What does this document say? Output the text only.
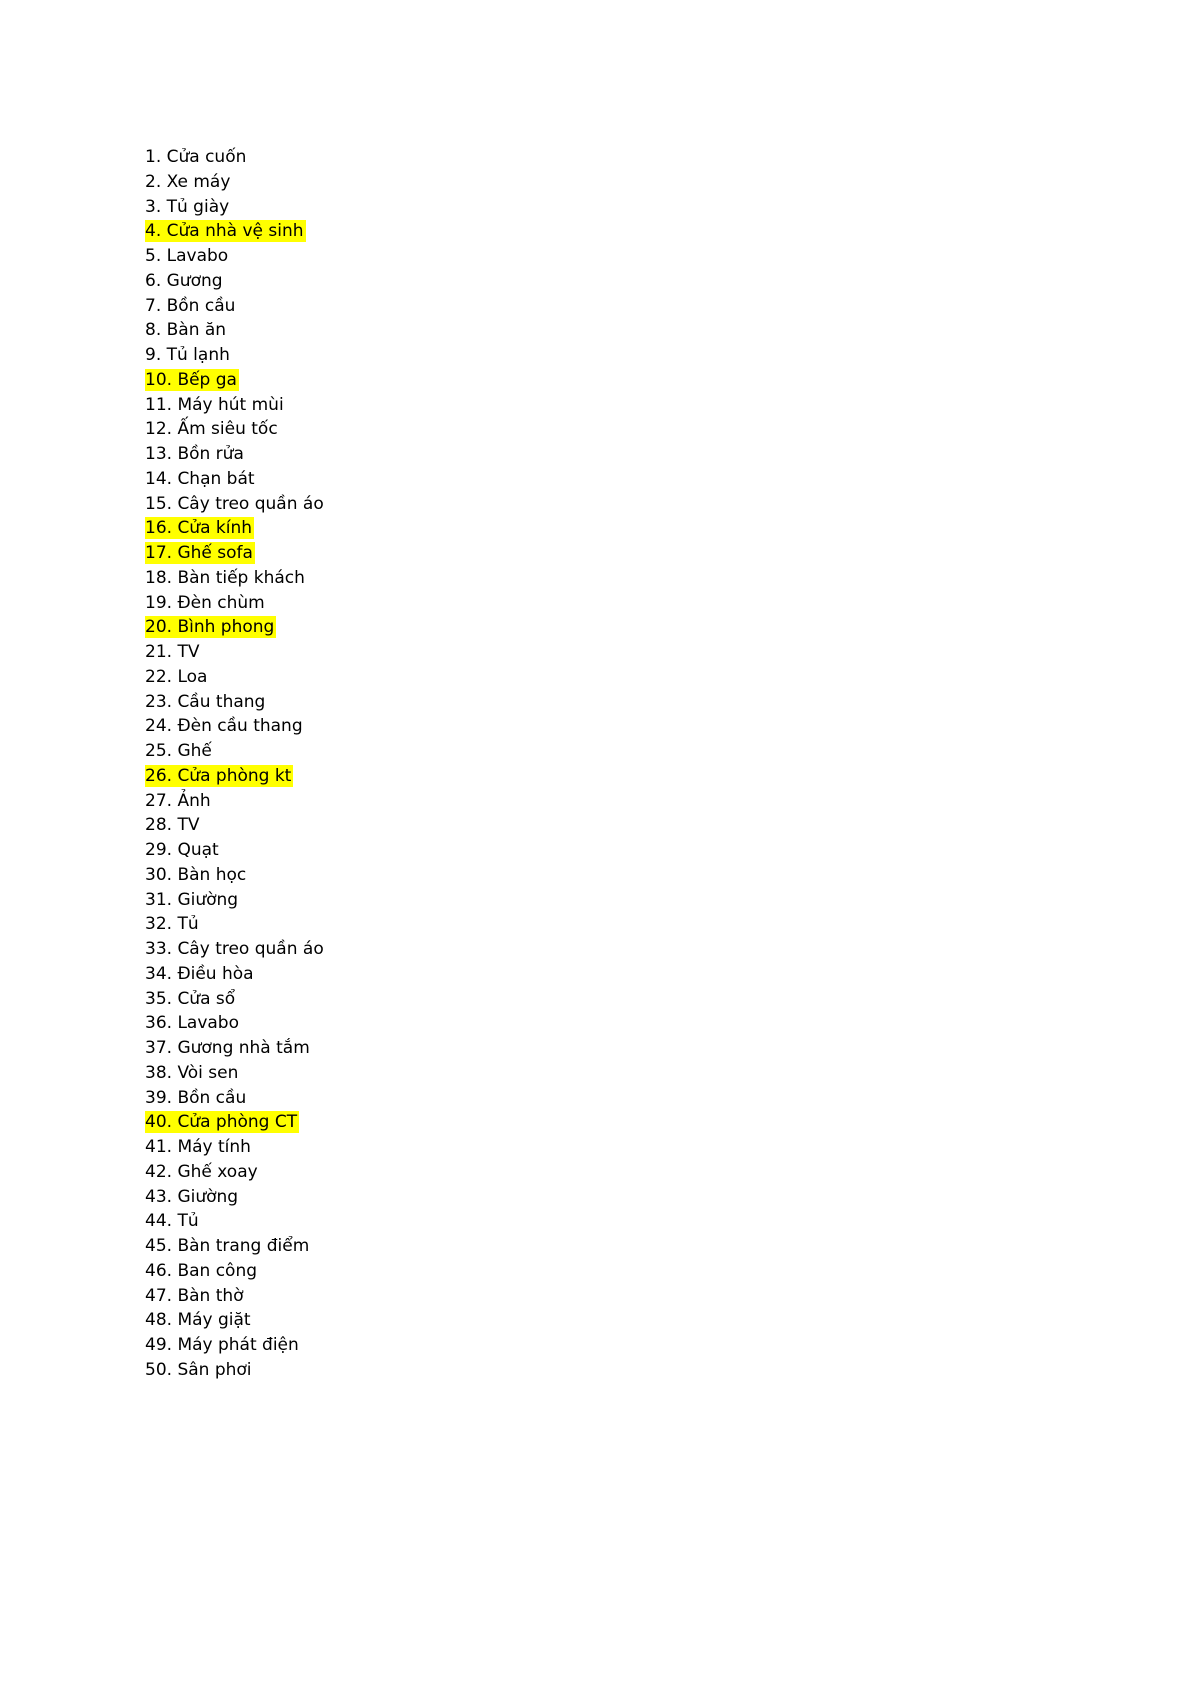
1. Cửa cuốn
2. Xe máy
3. Tủ giày
4. Cửa nhà vệ sinh
5. Lavabo
6. Gương
7. Bồn cầu
8. Bàn ăn
9. Tủ lạnh
10. Bếp ga
11. Máy hút mùi
12. Ấm siêu tốc
13. Bồn rửa
14. Chạn bát
15. Cây treo quần áo
16. Cửa kính
17. Ghế sofa
18. Bàn tiếp khách
19. Đèn chùm
20. Bình phong
21. TV
22. Loa
23. Cầu thang
24. Đèn cầu thang
25. Ghế
26. Cửa phòng kt
27. Ảnh
28. TV
29. Quạt
30. Bàn học
31. Giường
32. Tủ
33. Cây treo quần áo
34. Điều hòa
35. Cửa sổ
36. Lavabo
37. Gương nhà tắm
38. Vòi sen
39. Bồn cầu
40. Cửa phòng CT
41. Máy tính
42. Ghế xoay
43. Giường
44. Tủ
45. Bàn trang điểm
46. Ban công
47. Bàn thờ
48. Máy giặt
49. Máy phát điện
50. Sân phơi
